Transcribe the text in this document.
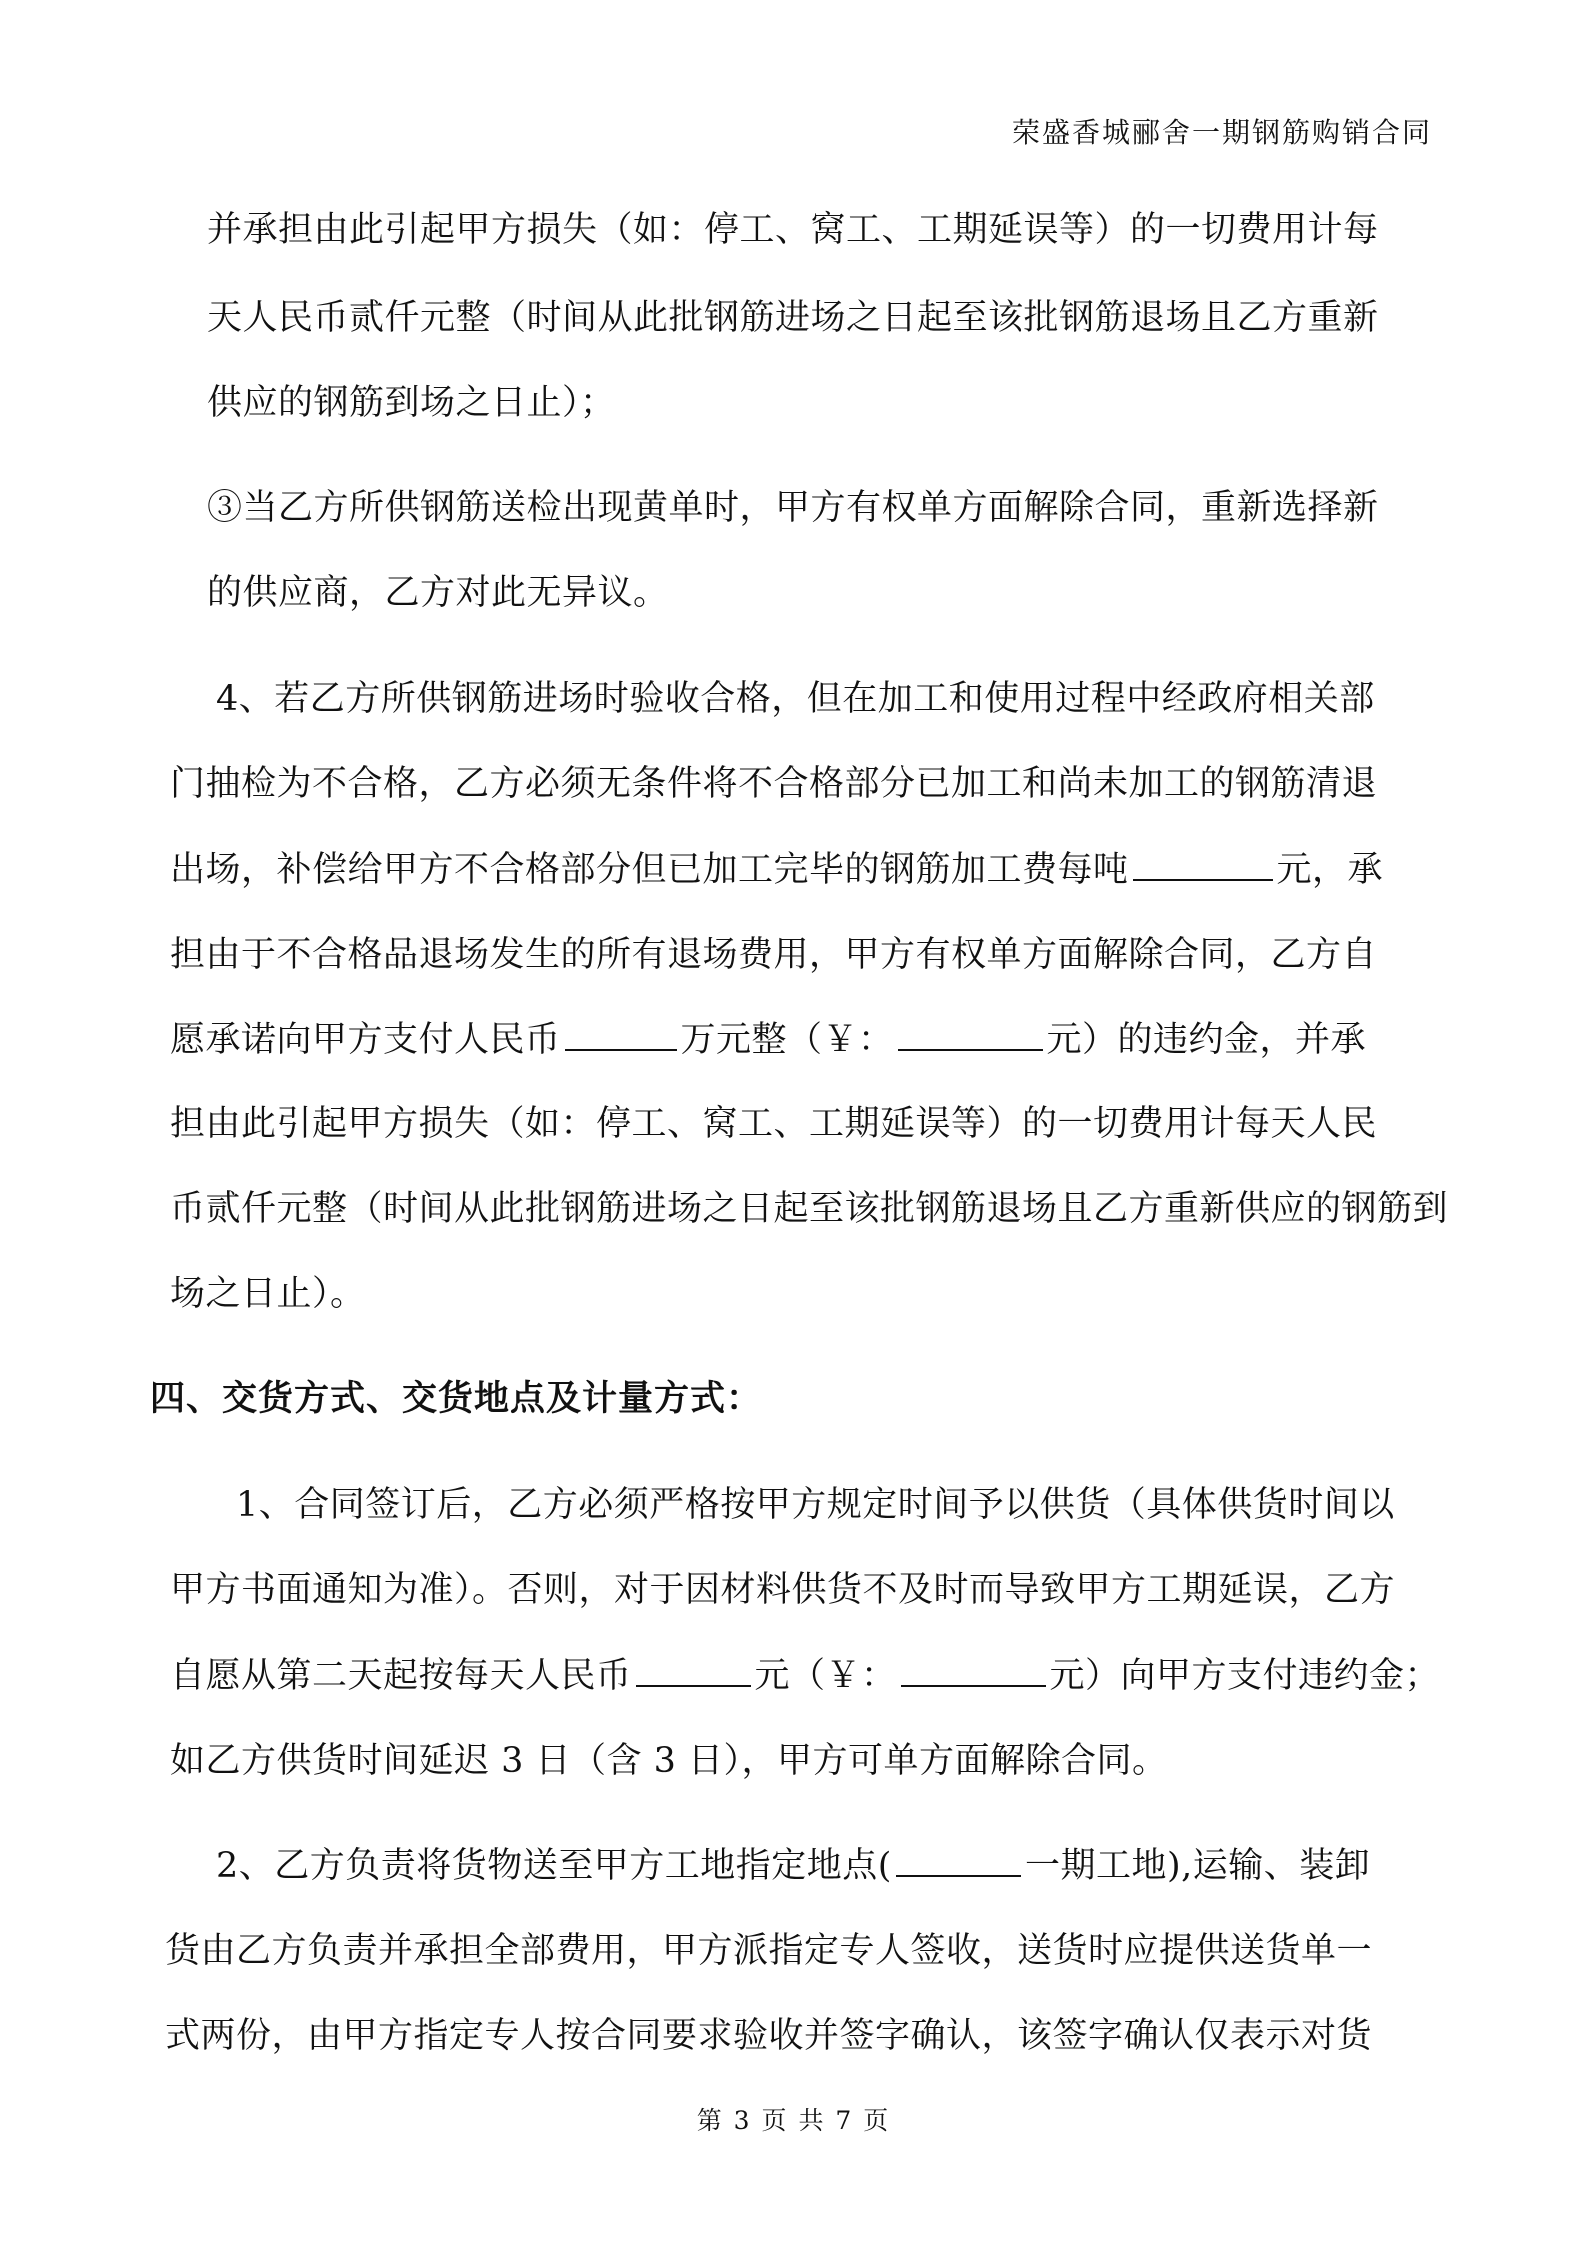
荣盛香城郦舍一期钢筋购销合同
并承担由此引起甲方损失（如：停工、窝工、工期延误等）的一切费用计每
天人民币贰仟元整（时间从此批钢筋进场之日起至该批钢筋退场且乙方重新
供应的钢筋到场之日止）；
③当乙方所供钢筋送检出现黄单时，甲方有权单方面解除合同，重新选择新
的供应商，乙方对此无异议。
4、若乙方所供钢筋进场时验收合格，但在加工和使用过程中经政府相关部
门抽检为不合格，乙方必须无条件将不合格部分已加工和尚未加工的钢筋清退
出场，补偿给甲方不合格部分但已加工完毕的钢筋加工费每吨	元，承
担由于不合格品退场发生的所有退场费用，甲方有权单方面解除合同，乙方自
愿承诺向甲方支付人民币	万元整（￥：	元）的违约金，并承
担由此引起甲方损失（如：停工、窝工、工期延误等）的一切费用计每天人民
币贰仟元整（时间从此批钢筋进场之日起至该批钢筋退场且乙方重新供应的钢筋到
场之日止）。
四、交货方式、交货地点及计量方式：
1、合同签订后，乙方必须严格按甲方规定时间予以供货（具体供货时间以
甲方书面通知为准）。否则，对于因材料供货不及时而导致甲方工期延误，乙方
自愿从第二天起按每天人民币	元（￥：	元）向甲方支付违约金；
如乙方供货时间延迟 3 日（含 3 日），甲方可单方面解除合同。
2、乙方负责将货物送至甲方工地指定地点(	一期工地),运输、装卸
货由乙方负责并承担全部费用，甲方派指定专人签收，送货时应提供送货单一
式两份，由甲方指定专人按合同要求验收并签字确认，该签字确认仅表示对货
第 3 页 共 7 页
